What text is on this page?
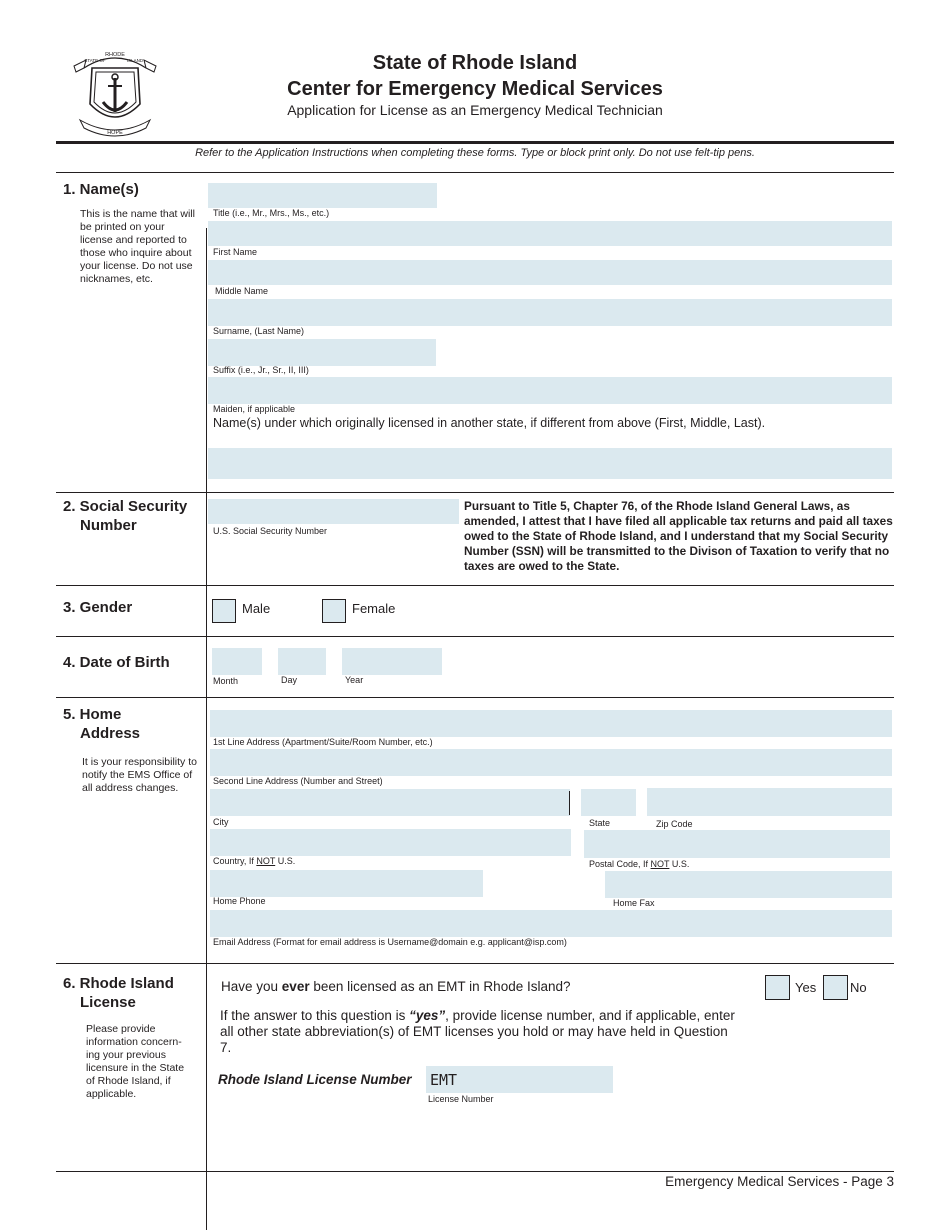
RHODE
STATE OF	ISLAND
HOPE
State of Rhode Island
Center for Emergency Medical Services
Application for License as an Emergency Medical Technician
Refer to the Application Instructions when completing these forms. Type or block print only. Do not use felt-tip pens.
1. Name(s)
This is the name that will be printed on your license and reported to those who inquire about your license. Do not use nicknames, etc.
Title (i.e., Mr., Mrs., Ms., etc.)
First Name
Middle Name
Surname, (Last Name)
Suffix (i.e., Jr., Sr., II, III)
Maiden, if applicable
Name(s) under which originally licensed in another state, if different from above (First, Middle, Last).
2. Social Security
Number	U.S. Social Security Number
Pursuant to Title 5, Chapter 76, of the Rhode Island General Laws, as amended, I attest that I have filed all applicable tax returns and paid all taxes owed to the State of Rhode Island, and I understand that my Social Security Number (SSN) will be transmitted to the Divison of Taxation to verify that no taxes are owed to the State.
3. Gender	Male	Female
4. Date of Birth
Month	Day	Year
5. Home
Address
It is your responsibility to notify the EMS Office of all address changes.
1st Line Address (Apartment/Suite/Room Number, etc.)
Second Line Address (Number and Street)
City	State	Zip Code
Country, If NOT U.S.	Postal Code, If NOT U.S.
Home Phone	Home Fax
Email Address (Format for email address is Username@domain e.g. applicant@isp.com)
6. Rhode Island
License
Please provide information concern-ing your previous licensure in the State of Rhode Island, if applicable.
Have you ever been licensed as an EMT in Rhode Island?	Yes	No
If the answer to this question is “yes”, provide license number, and if applicable, enter all other state abbreviation(s) of EMT licenses you hold or may have held in Question 7.
Rhode Island License Number EMT
License Number
Emergency Medical Services - Page 3
